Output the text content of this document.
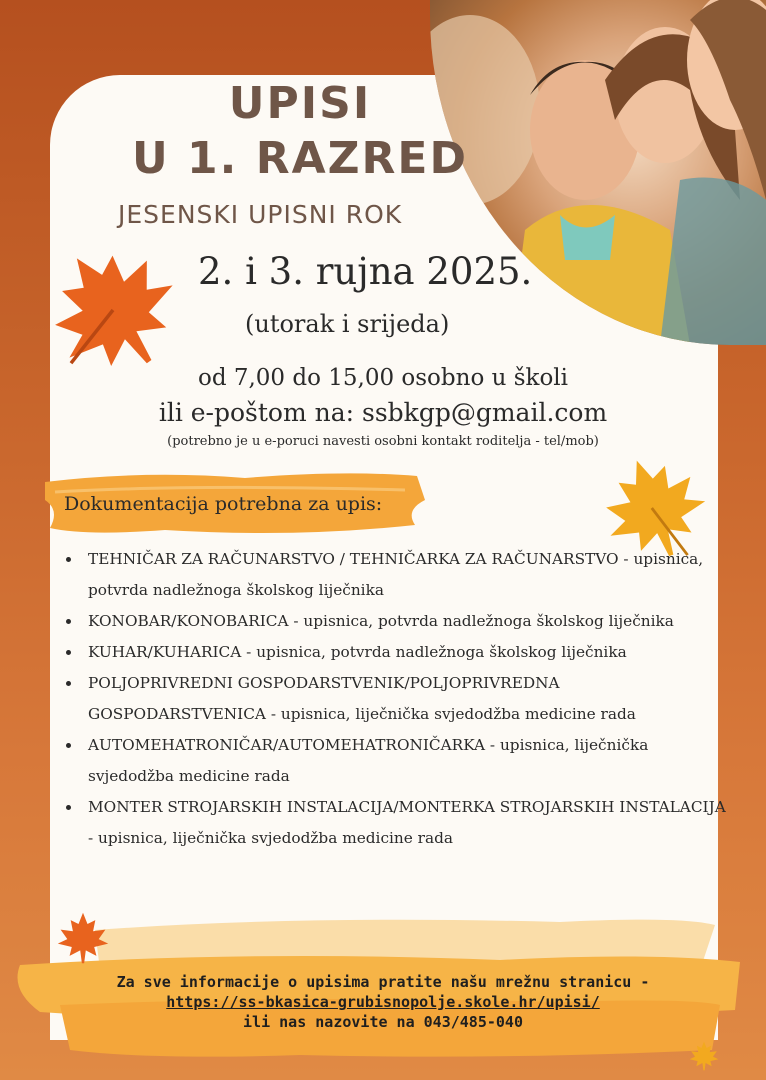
UPISI
U 1. RAZRED
JESENSKI UPISNI ROK
2. i 3. rujna 2025.
(utorak i srijeda)
od 7,00 do 15,00 osobno u školi
ili e-poštom na: ssbkgp@gmail.com
(potrebno je u e-poruci navesti osobni kontakt roditelja - tel/mob)
Dokumentacija potrebna za upis:
• TEHNIČAR ZA RAČUNARSTVO / TEHNIČARKA ZA RAČUNARSTVO - upisnica, potvrda nadležnoga školskog liječnika
• KONOBAR/KONOBARICA - upisnica, potvrda nadležnoga školskog liječnika
• KUHAR/KUHARICA - upisnica, potvrda nadležnoga školskog liječnika
• POLJOPRIVREDNI GOSPODARSTVENIK/POLJOPRIVREDNA GOSPODARSTVENICA - upisnica, liječnička svjedodžba medicine rada
• AUTOMEHATRONIČAR/AUTOMEHATRONIČARKA - upisnica, liječnička svjedodžba medicine rada
• MONTER STROJARSKIH INSTALACIJA/MONTERKA STROJARSKIH INSTALACIJA - upisnica, liječnička svjedodžba medicine rada
Za sve informacije o upisima pratite našu mrežnu stranicu -
https://ss-bkasica-grubisnopolje.skole.hr/upisi/
ili nas nazovite na 043/485-040
